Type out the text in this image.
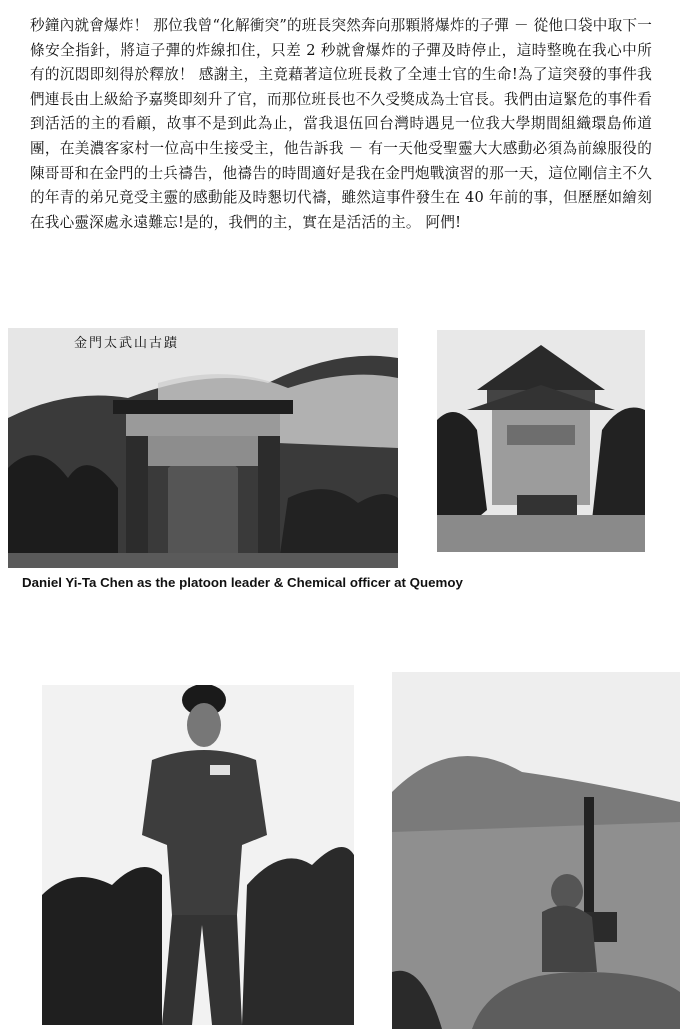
秒鐘內就會爆炸！ 那位我曾“化解衝突”的班長突然奔向那顆將爆炸的子彈 － 從他口袋中取下一條安全指針，將這子彈的炸線扣住，只差 2 秒就會爆炸的子彈及時停止，這時整晚在我心中所有的沉悶即刻得於釋放！ 感謝主，主竟藉著這位班長救了全連士官的生命!為了這突發的事件我們連長由上級給予嘉獎即刻升了官，而那位班長也不久受獎成為士官長。我們由這緊危的事件看到活活的主的看顧，故事不是到此為止，當我退伍回台灣時遇見一位我大學期間組織環島佈道團，在美濃客家村一位高中生接受主，他告訴我 － 有一天他受聖靈大大感動必須為前線服役的陳哥哥和在金門的士兵禱告，他禱告的時間適好是我在金門炮戰演習的那一天，這位剛信主不久的年青的弟兄竟受主靈的感動能及時懇切代禱，雖然這事件發生在 40 年前的事，但歷歷如繪刻在我心靈深處永遠難忘!是的，我們的主，實在是活活的主。 阿們!

金門太武山古蹟
Daniel Yi-Ta Chen as the platoon leader & Chemical officer at Quemoy
